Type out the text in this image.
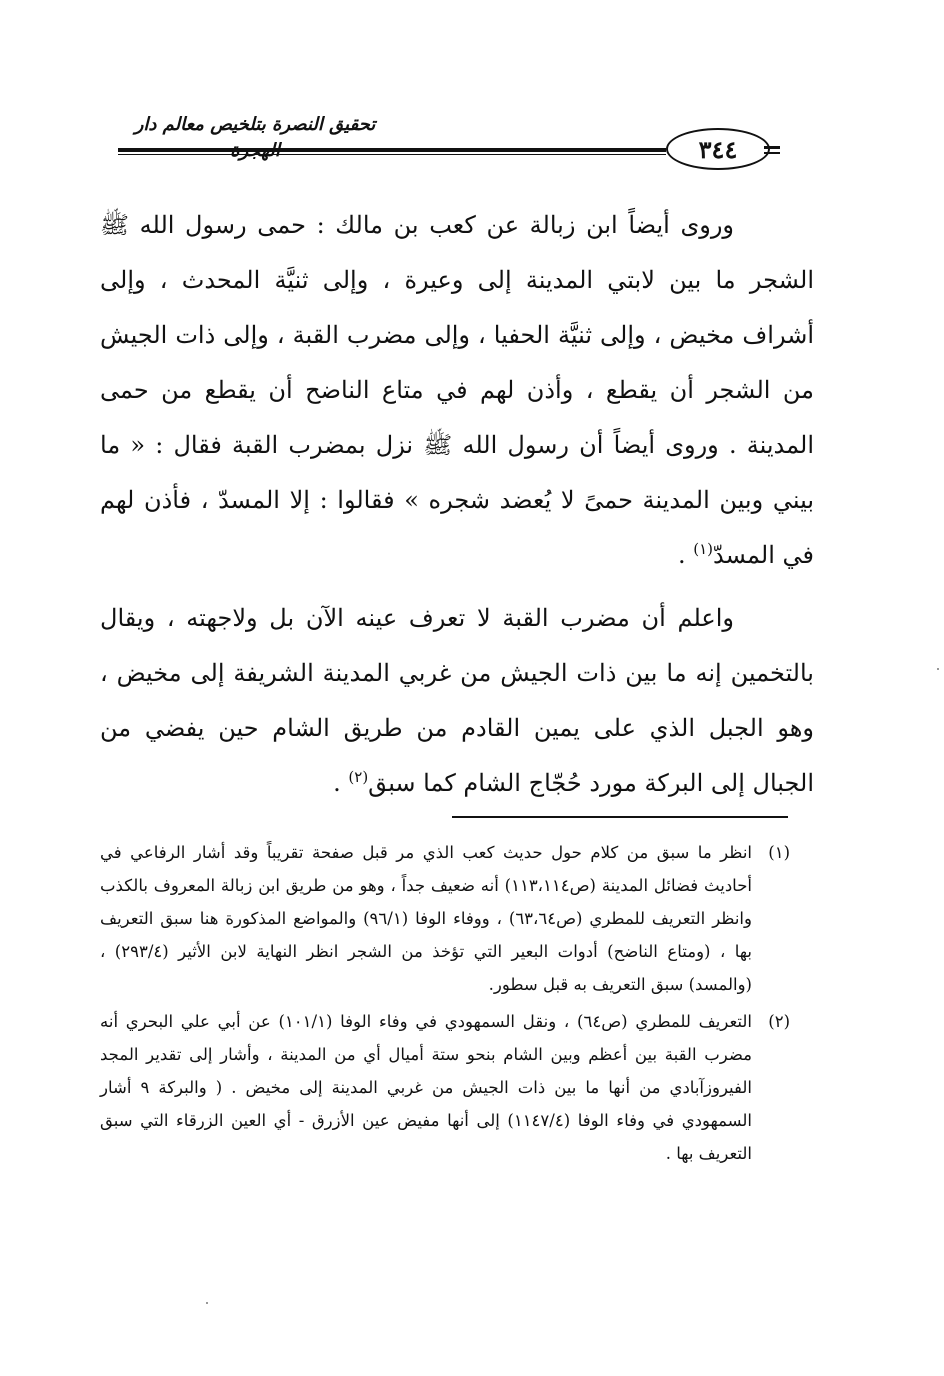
تحقيق النصرة بتلخيص معالم دار
٣٤٤

وروى أيضاً ابن زبالة عن كعب بن مالك : حمى رسول الله ﷺ الشجر ما بين لابتي المدينة إلى وعيرة ، وإلى ثنيَّة المحدث ، وإلى أشراف مخيض ، وإلى ثنيَّة الحفيا ، وإلى مضرب القبة ، وإلى ذات الجيش من الشجر أن يقطع ، وأذن لهم في متاع الناضح أن يقطع من حمى المدينة . وروى أيضاً أن رسول الله ﷺ نزل بمضرب القبة فقال : « ما بيني وبين المدينة حمىً لا يُعضد شجره » فقالوا : إلا المسدّ ، فأذن لهم في المسدّ$^{(١)}$ .

واعلم أن مضرب القبة لا تعرف عينه الآن بل ولاجهته ، ويقال بالتخمين إنه ما بين ذات الجيش من غربي المدينة الشريفة إلى مخيض ، وهو الجبل الذي على يمين القادم من طريق الشام حين يفضي من الجبال إلى البركة مورد حُجّاج الشام كما سبق$^{(٢)}$ .

(١)
انظر ما سبق من كلام حول حديث كعب الذي مر قبل صفحة تقريباً وقد أشار الرفاعي في أحاديث فضائل المدينة (ص١١٣،١١٤) أنه ضعيف جداً ، وهو من طريق ابن زبالة المعروف بالكذب وانظر التعريف للمطري (ص٦٣،٦٤) ، ووفاء الوفا (٩٦/١) والمواضع المذكورة هنا سبق التعريف بها ، (ومتاع الناضح) أدوات البعير التي تؤخذ من الشجر انظر النهاية لابن الأثير (٢٩٣/٤) ، (والمسد) سبق التعريف به قبل سطور.
(٢)
التعريف للمطري (ص٦٤) ، ونقل السمهودي في وفاء الوفا (١٠١/١) عن أبي علي البحري أنه مضرب القبة بين أعظم وبين الشام بنحو ستة أميال أي من المدينة ، وأشار إلى تقدير المجد الفيروزآبادي من أنها ما بين ذات الجيش من غربي المدينة إلى مخيض . ( والبركة ٩ أشار السمهودي في وفاء الوفا (١١٤٧/٤) إلى أنها مفيض عين الأزرق - أي العين الزرقاء التي سبق التعريف بها .
